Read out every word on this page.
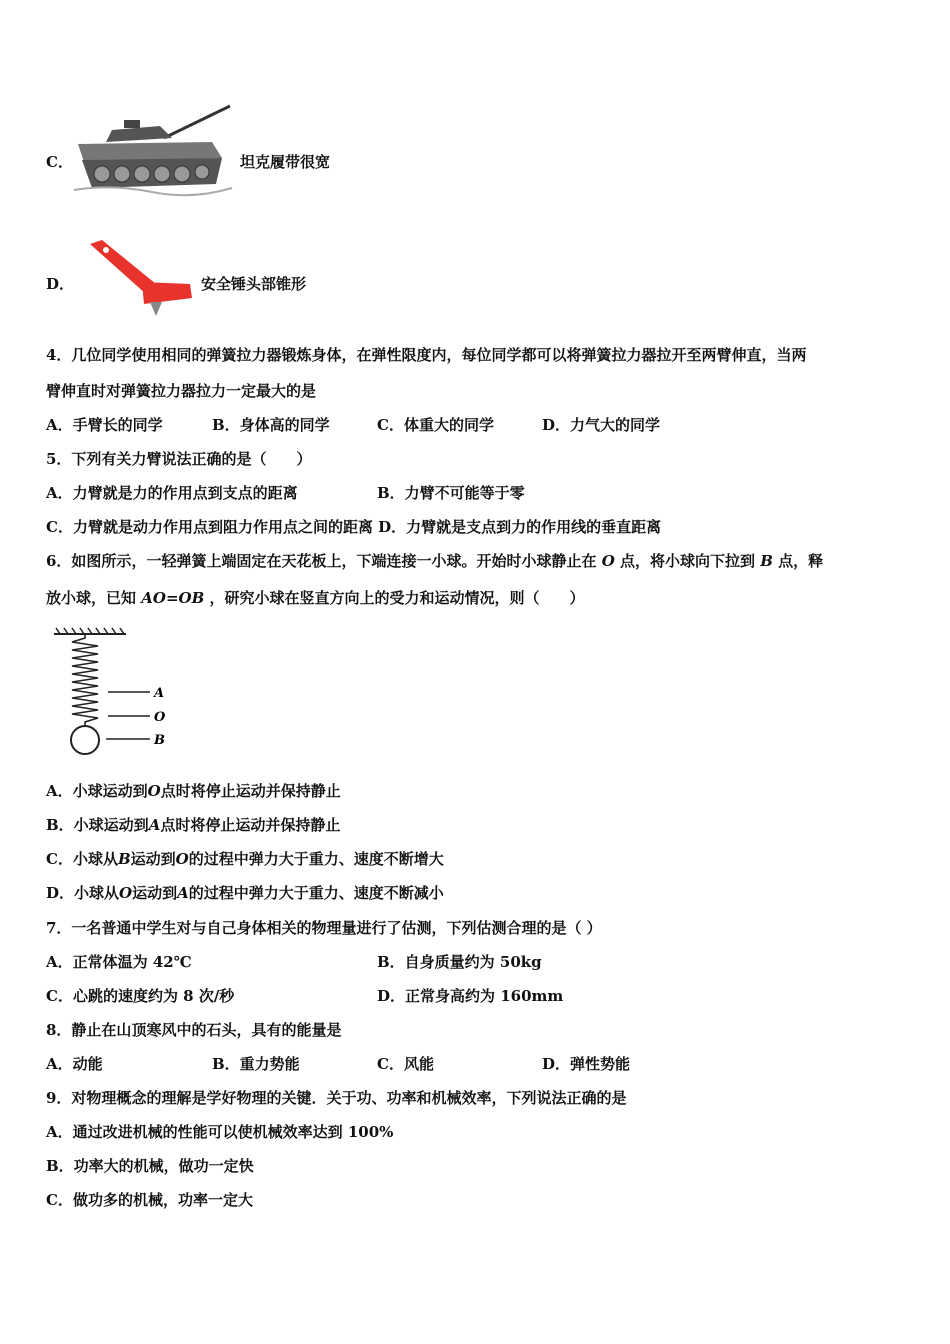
C．	坦克履带很宽
D．	安全锤头部锥形
4．几位同学使用相同的弹簧拉力器锻炼身体，在弹性限度内，每位同学都可以将弹簧拉力器拉开至两臂伸直，当两
臂伸直时对弹簧拉力器拉力一定最大的是
A．手臂长的同学	B．身体高的同学	C．体重大的同学	D．力气大的同学
5．下列有关力臂说法正确的是（　　）
A．力臂就是力的作用点到支点的距离	B．力臂不可能等于零
C．力臂就是动力作用点到阻力作用点之间的距离 D．力臂就是支点到力的作用线的垂直距离
6．如图所示，一轻弹簧上端固定在天花板上，下端连接一小球。开始时小球静止在 O 点，将小球向下拉到 B 点，释
放小球，已知 AO=OB ，研究小球在竖直方向上的受力和运动情况，则（　　）
A
O
B
A．小球运动到O点时将停止运动并保持静止
B．小球运动到A点时将停止运动并保持静止
C．小球从B运动到O的过程中弹力大于重力、速度不断增大
D．小球从O运动到A的过程中弹力大于重力、速度不断减小
7．一名普通中学生对与自己身体相关的物理量进行了估测，下列估测合理的是（ ）
A．正常体温为 42℃	B．自身质量约为 50kg
C．心跳的速度约为 8 次/秒	D．正常身高约为 160mm
8．静止在山顶寒风中的石头，具有的能量是
A．动能	B．重力势能	C．风能	D．弹性势能
9．对物理概念的理解是学好物理的关键．关于功、功率和机械效率，下列说法正确的是
A．通过改进机械的性能可以使机械效率达到 100%
B．功率大的机械，做功一定快
C．做功多的机械，功率一定大
